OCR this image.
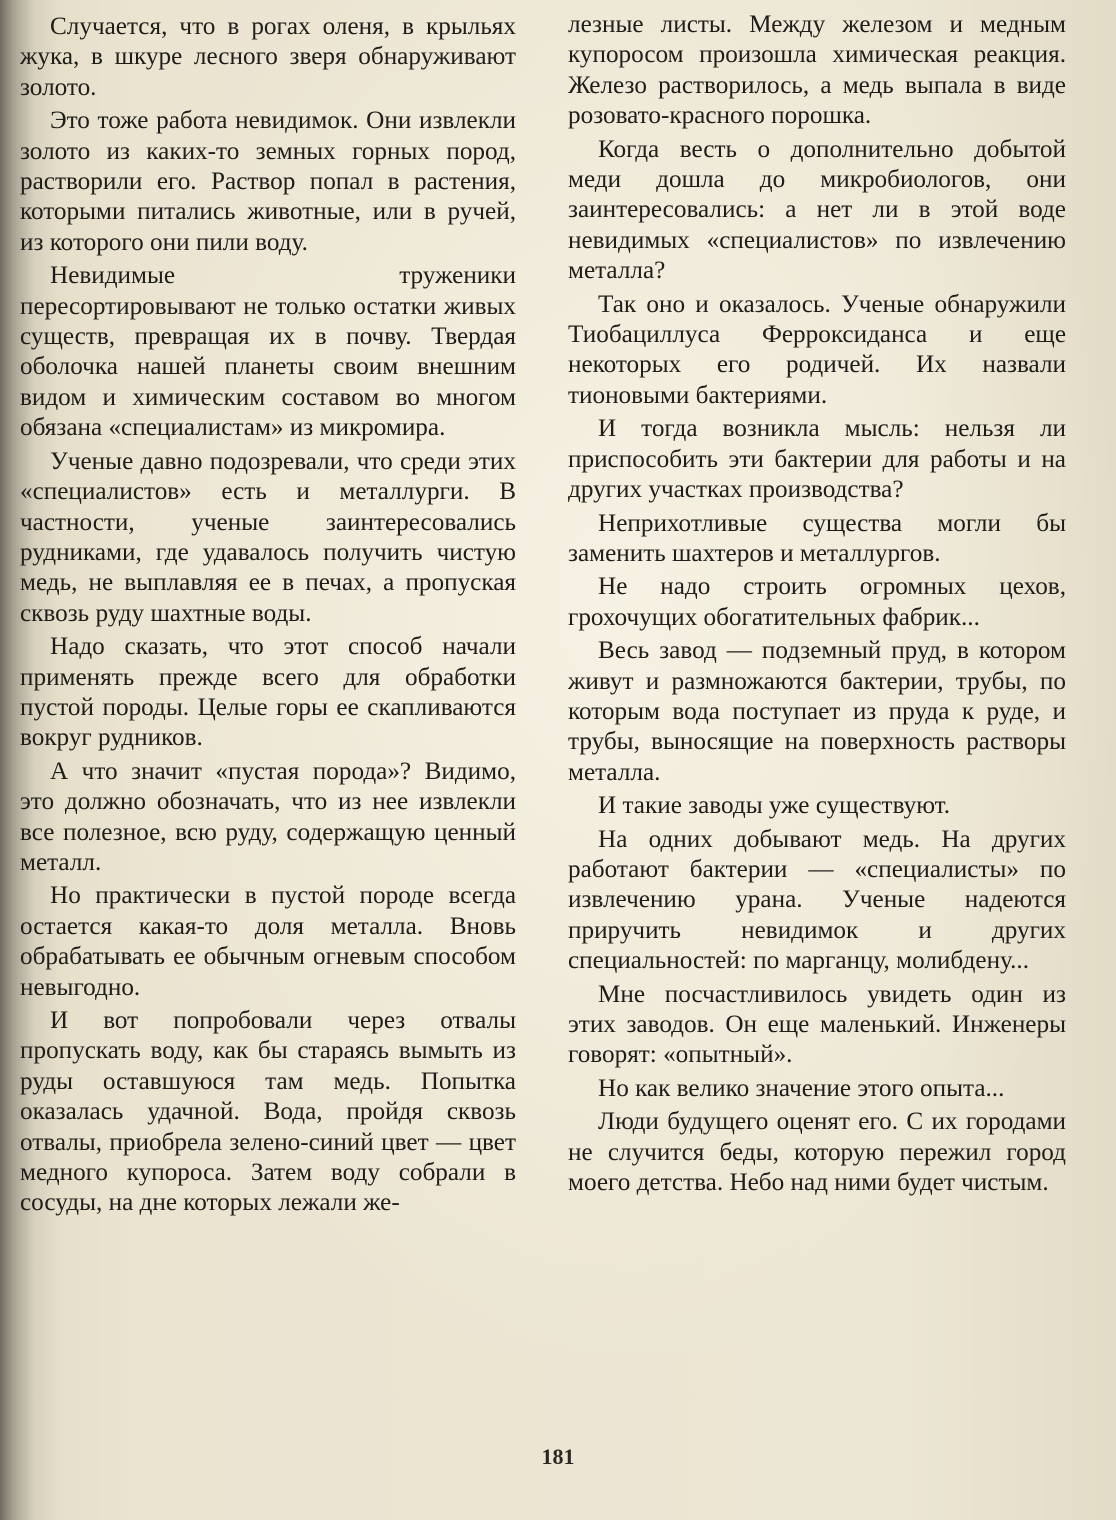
Случается, что в рогах оленя, в крыльях жука, в шкуре лесного зверя обнаруживают золото.

Это тоже работа невидимок. Они извлекли золото из каких-то земных горных пород, растворили его. Раствор попал в растения, которыми питались животные, или в ручей, из которого они пили воду.

Невидимые труженики пересортировывают не только остатки живых существ, превращая их в почву. Твердая оболочка нашей планеты своим внешним видом и химическим составом во многом обязана «специалистам» из микромира.

Ученые давно подозревали, что среди этих «специалистов» есть и металлурги. В частности, ученые заинтересовались рудниками, где удавалось получить чистую медь, не выплавляя ее в печах, а пропуская сквозь руду шахтные воды.

Надо сказать, что этот способ начали применять прежде всего для обработки пустой породы. Целые горы ее скапливаются вокруг рудников.

А что значит «пустая порода»? Видимо, это должно обозначать, что из нее извлекли все полезное, всю руду, содержащую ценный металл.

Но практически в пустой породе всегда остается какая-то доля металла. Вновь обрабатывать ее обычным огневым способом невыгодно.

И вот попробовали через отвалы пропускать воду, как бы стараясь вымыть из руды оставшуюся там медь. Попытка оказалась удачной. Вода, пройдя сквозь отвалы, приобрела зелено-синий цвет — цвет медного купороса. Затем воду собрали в сосуды, на дне которых лежали же-

лезные листы. Между железом и медным купоросом произошла химическая реакция. Железо растворилось, а медь выпала в виде розовато-красного порошка.

Когда весть о дополнительно добытой меди дошла до микробиологов, они заинтересовались: а нет ли в этой воде невидимых «специалистов» по извлечению металла?

Так оно и оказалось. Ученые обнаружили Тиобациллуса Ферроксиданса и еще некоторых его родичей. Их назвали тионовыми бактериями.

И тогда возникла мысль: нельзя ли приспособить эти бактерии для работы и на других участках производства?

Неприхотливые существа могли бы заменить шахтеров и металлургов.

Не надо строить огромных цехов, грохочущих обогатительных фабрик...

Весь завод — подземный пруд, в котором живут и размножаются бактерии, трубы, по которым вода поступает из пруда к руде, и трубы, выносящие на поверхность растворы металла.

И такие заводы уже существуют.

На одних добывают медь. На других работают бактерии — «специалисты» по извлечению урана. Ученые надеются приручить невидимок и других специальностей: по марганцу, молибдену...

Мне посчастливилось увидеть один из этих заводов. Он еще маленький. Инженеры говорят: «опытный».

Но как велико значение этого опыта...

Люди будущего оценят его. С их городами не случится беды, которую пережил город моего детства. Небо над ними будет чистым.

181
